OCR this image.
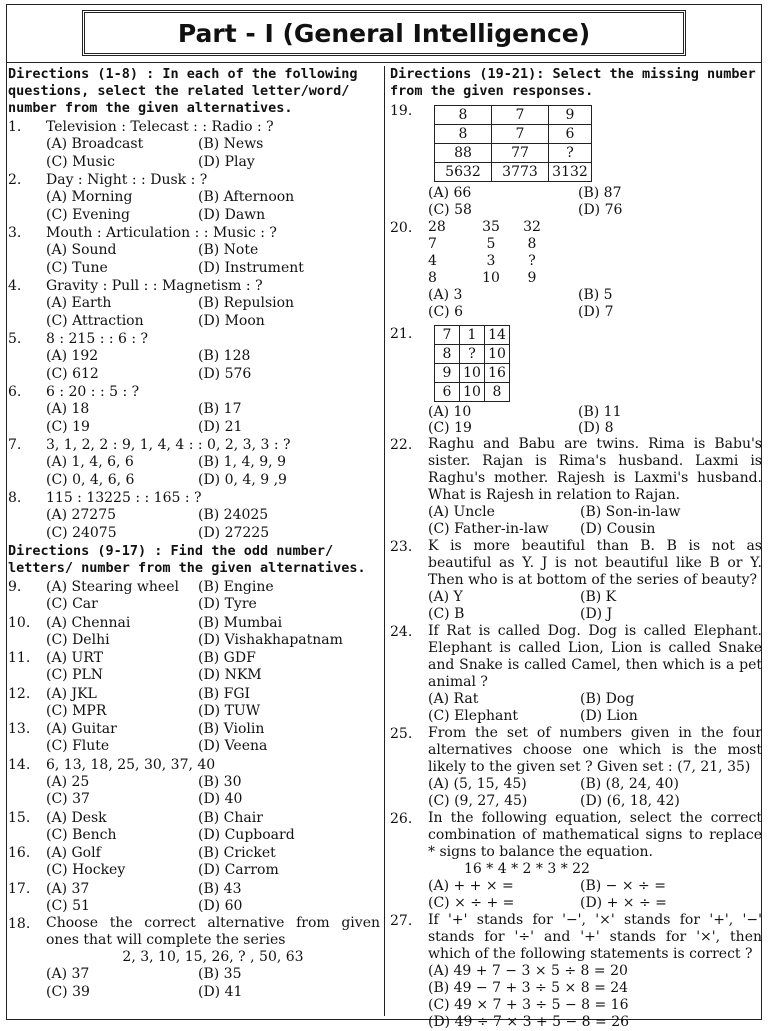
Part - I (General Intelligence)

Directions (1-8) : In each of the following questions, select the related letter/word/ number from the given alternatives.

1.	Television : Telecast : : Radio : ?
(A) Broadcast	(B) News
(C) Music	(D) Play
2.	Day : Night : : Dusk : ?
(A) Morning	(B) Afternoon
(C) Evening	(D) Dawn
3.	Mouth : Articulation : : Music : ?
(A) Sound	(B) Note
(C) Tune	(D) Instrument
4.	Gravity : Pull : : Magnetism : ?
(A) Earth	(B) Repulsion
(C) Attraction	(D) Moon
5.	8 : 215 : : 6 : ?
(A) 192	(B) 128
(C) 612	(D) 576
6.	6 : 20 : : 5 : ?
(A) 18	(B) 17
(C) 19	(D) 21
7.	3, 1, 2, 2 : 9, 1, 4, 4 : : 0, 2, 3, 3 : ?
(A) 1, 4, 6, 6	(B) 1, 4, 9, 9
(C) 0, 4, 6, 6	(D) 0, 4, 9 ,9
8.	115 : 13225 : : 165 : ?
(A) 27275	(B) 24025
(C) 24075	(D) 27225

Directions (9-17) : Find the odd number/ letters/ number from the given alternatives.

9.	(A) Stearing wheel	(B) Engine
(C) Car	(D) Tyre
10.	(A) Chennai	(B) Mumbai
(C) Delhi	(D) Vishakhapatnam
11.	(A) URT	(B) GDF
(C) PLN	(D) NKM
12.	(A) JKL	(B) FGI
(C) MPR	(D) TUW
13.	(A) Guitar	(B) Violin
(C) Flute	(D) Veena
14.	6, 13, 18, 25, 30, 37, 40
(A) 25	(B) 30
(C) 37	(D) 40
15.	(A) Desk	(B) Chair
(C) Bench	(D) Cupboard
16.	(A) Golf	(B) Cricket
(C) Hockey	(D) Carrom
17.	(A) 37	(B) 43
(C) 51	(D) 60
18.	Choose the correct alternative from given ones that will complete the series
2, 3, 10, 15, 26, ? , 50, 63
(A) 37	(B) 35
(C) 39	(D) 41

Directions (19-21): Select the missing number from the given responses.

19.	8	7	9
8	7	6
88	77	?
5632	3773	3132
(A) 66	(B) 87
(C) 58	(D) 76
20.	28	35	32
7	5	8
4	3	?
8	10	9
(A) 3	(B) 5
(C) 6	(D) 7
21.	7	1	14
8	?	10
9	10	16
6	10	8
(A) 10	(B) 11
(C) 19	(D) 8
22.	Raghu and Babu are twins. Rima is Babu's sister. Rajan is Rima's husband. Laxmi is Raghu's mother. Rajesh is Laxmi's husband. What is Rajesh in relation to Rajan.
(A) Uncle	(B) Son-in-law
(C) Father-in-law	(D) Cousin
23.	K is more beautiful than B. B is not as beautiful as Y. J is not beautiful like B or Y. Then who is at bottom of the series of beauty?
(A) Y	(B) K
(C) B	(D) J
24.	If Rat is called Dog. Dog is called Elephant. Elephant is called Lion, Lion is called Snake and Snake is called Camel, then which is a pet animal ?
(A) Rat	(B) Dog
(C) Elephant	(D) Lion
25.	From the set of numbers given in the four alternatives choose one which is the most likely to the given set ? Given set : (7, 21, 35)
(A) (5, 15, 45)	(B) (8, 24, 40)
(C) (9, 27, 45)	(D) (6, 18, 42)
26.	In the following equation, select the correct combination of mathematical signs to replace * signs to balance the equation.
16 * 4 * 2 * 3 * 22
(A) + + × =	(B) − × ÷ =
(C) × ÷ + =	(D) + × ÷ =
27.	If '+' stands for '−', '×' stands for '+', '−' stands for '÷' and '+' stands for '×', then which of the following statements is correct ?
(A) 49 + 7 − 3 × 5 ÷ 8 = 20
(B) 49 − 7 + 3 ÷ 5 × 8 = 24
(C) 49 × 7 + 3 ÷ 5 − 8 = 16
(D) 49 ÷ 7 × 3 + 5 − 8 = 26
